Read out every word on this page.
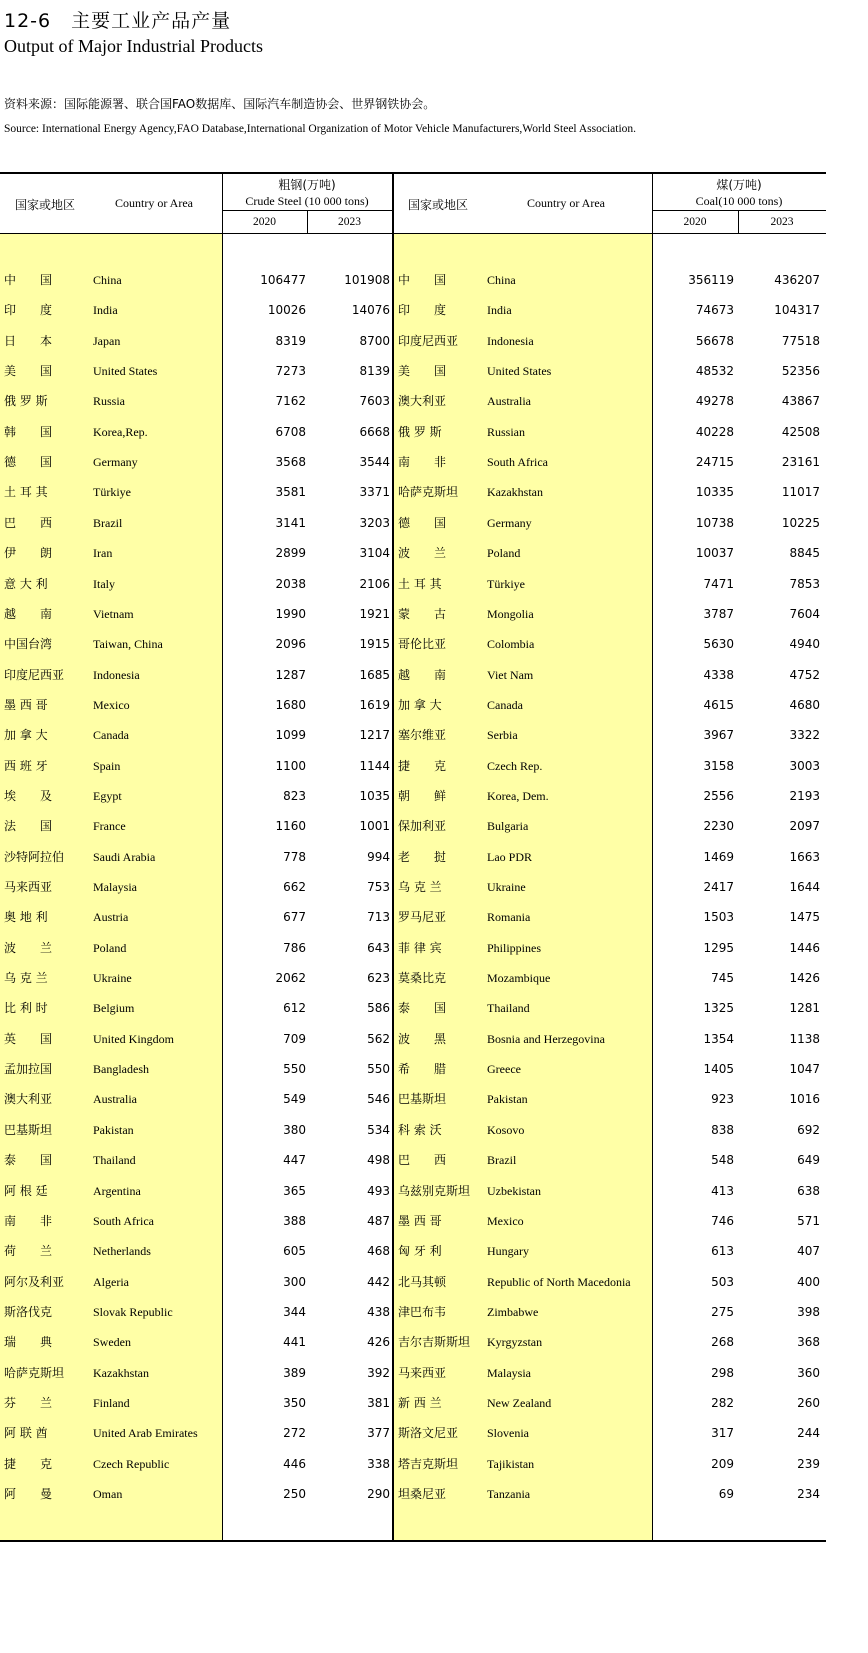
12-6　主要工业产品产量
Output of Major Industrial Products
资料来源：国际能源署、联合国FAO数据库、国际汽车制造协会、世界钢铁协会。
Source: International Energy Agency,FAO Database,International Organization of Motor Vehicle Manufacturers,World Steel Association.
国家或地区	Country or Area
粗钢(万吨)
Crude Steel (10 000 tons)
2020	2023
中　　国	China	106477	101908
印　　度	India	10026	14076
日　　本	Japan	8319	8700
美　　国	United States	7273	8139
俄 罗 斯	Russia	7162	7603
韩　　国	Korea,Rep.	6708	6668
德　　国	Germany	3568	3544
土 耳 其	Türkiye	3581	3371
巴　　西	Brazil	3141	3203
伊　　朗	Iran	2899	3104
意 大 利	Italy	2038	2106
越　　南	Vietnam	1990	1921
中国台湾	Taiwan, China	2096	1915
印度尼西亚 Indonesia	1287	1685
墨 西 哥	Mexico	1680	1619
加 拿 大	Canada	1099	1217
西 班 牙	Spain	1100	1144
埃　　及	Egypt	823	1035
法　　国	France	1160	1001
沙特阿拉伯 Saudi Arabia	778	994
马来西亚	Malaysia	662	753
奥 地 利	Austria	677	713
波　　兰	Poland	786	643
乌 克 兰	Ukraine	2062	623
比 利 时	Belgium	612	586
英　　国	United Kingdom	709	562
孟加拉国	Bangladesh	550	550
澳大利亚	Australia	549	546
巴基斯坦	Pakistan	380	534
泰　　国	Thailand	447	498
阿 根 廷	Argentina	365	493
南　　非	South Africa	388	487
荷　　兰	Netherlands	605	468
阿尔及利亚 Algeria	300	442
斯洛伐克	Slovak Republic	344	438
瑞　　典	Sweden	441	426
哈萨克斯坦 Kazakhstan	389	392
芬　　兰	Finland	350	381
阿 联 酋	United Arab Emirates	272	377
捷　　克	Czech Republic	446	338
阿　　曼	Oman	250	290
国家或地区	Country or Area
煤(万吨)
Coal(10 000 tons)
2020	2023
中　　国	China	356119	436207
印　　度	India	74673	104317
印度尼西亚 Indonesia	56678	77518
美　　国	United States	48532	52356
澳大利亚	Australia	49278	43867
俄 罗 斯	Russian	40228	42508
南　　非	South Africa	24715	23161
哈萨克斯坦 Kazakhstan	10335	11017
德　　国	Germany	10738	10225
波　　兰	Poland	10037	8845
土 耳 其	Türkiye	7471	7853
蒙　　古	Mongolia	3787	7604
哥伦比亚	Colombia	5630	4940
越　　南	Viet Nam	4338	4752
加 拿 大	Canada	4615	4680
塞尔维亚	Serbia	3967	3322
捷　　克	Czech Rep.	3158	3003
朝　　鲜	Korea, Dem.	2556	2193
保加利亚	Bulgaria	2230	2097
老　　挝	Lao PDR	1469	1663
乌 克 兰	Ukraine	2417	1644
罗马尼亚	Romania	1503	1475
菲 律 宾	Philippines	1295	1446
莫桑比克	Mozambique	745	1426
泰　　国	Thailand	1325	1281
波　　黑	Bosnia and Herzegovina	1354	1138
希　　腊	Greece	1405	1047
巴基斯坦	Pakistan	923	1016
科 索 沃	Kosovo	838	692
巴　　西	Brazil	548	649
乌兹别克斯坦 Uzbekistan	413	638
墨 西 哥	Mexico	746	571
匈 牙 利	Hungary	613	407
北马其顿	Republic of North Macedonia	503	400
津巴布韦	Zimbabwe	275	398
吉尔吉斯斯坦 Kyrgyzstan	268	368
马来西亚	Malaysia	298	360
新 西 兰	New Zealand	282	260
斯洛文尼亚 Slovenia	317	244
塔吉克斯坦 Tajikistan	209	239
坦桑尼亚	Tanzania	69	234
